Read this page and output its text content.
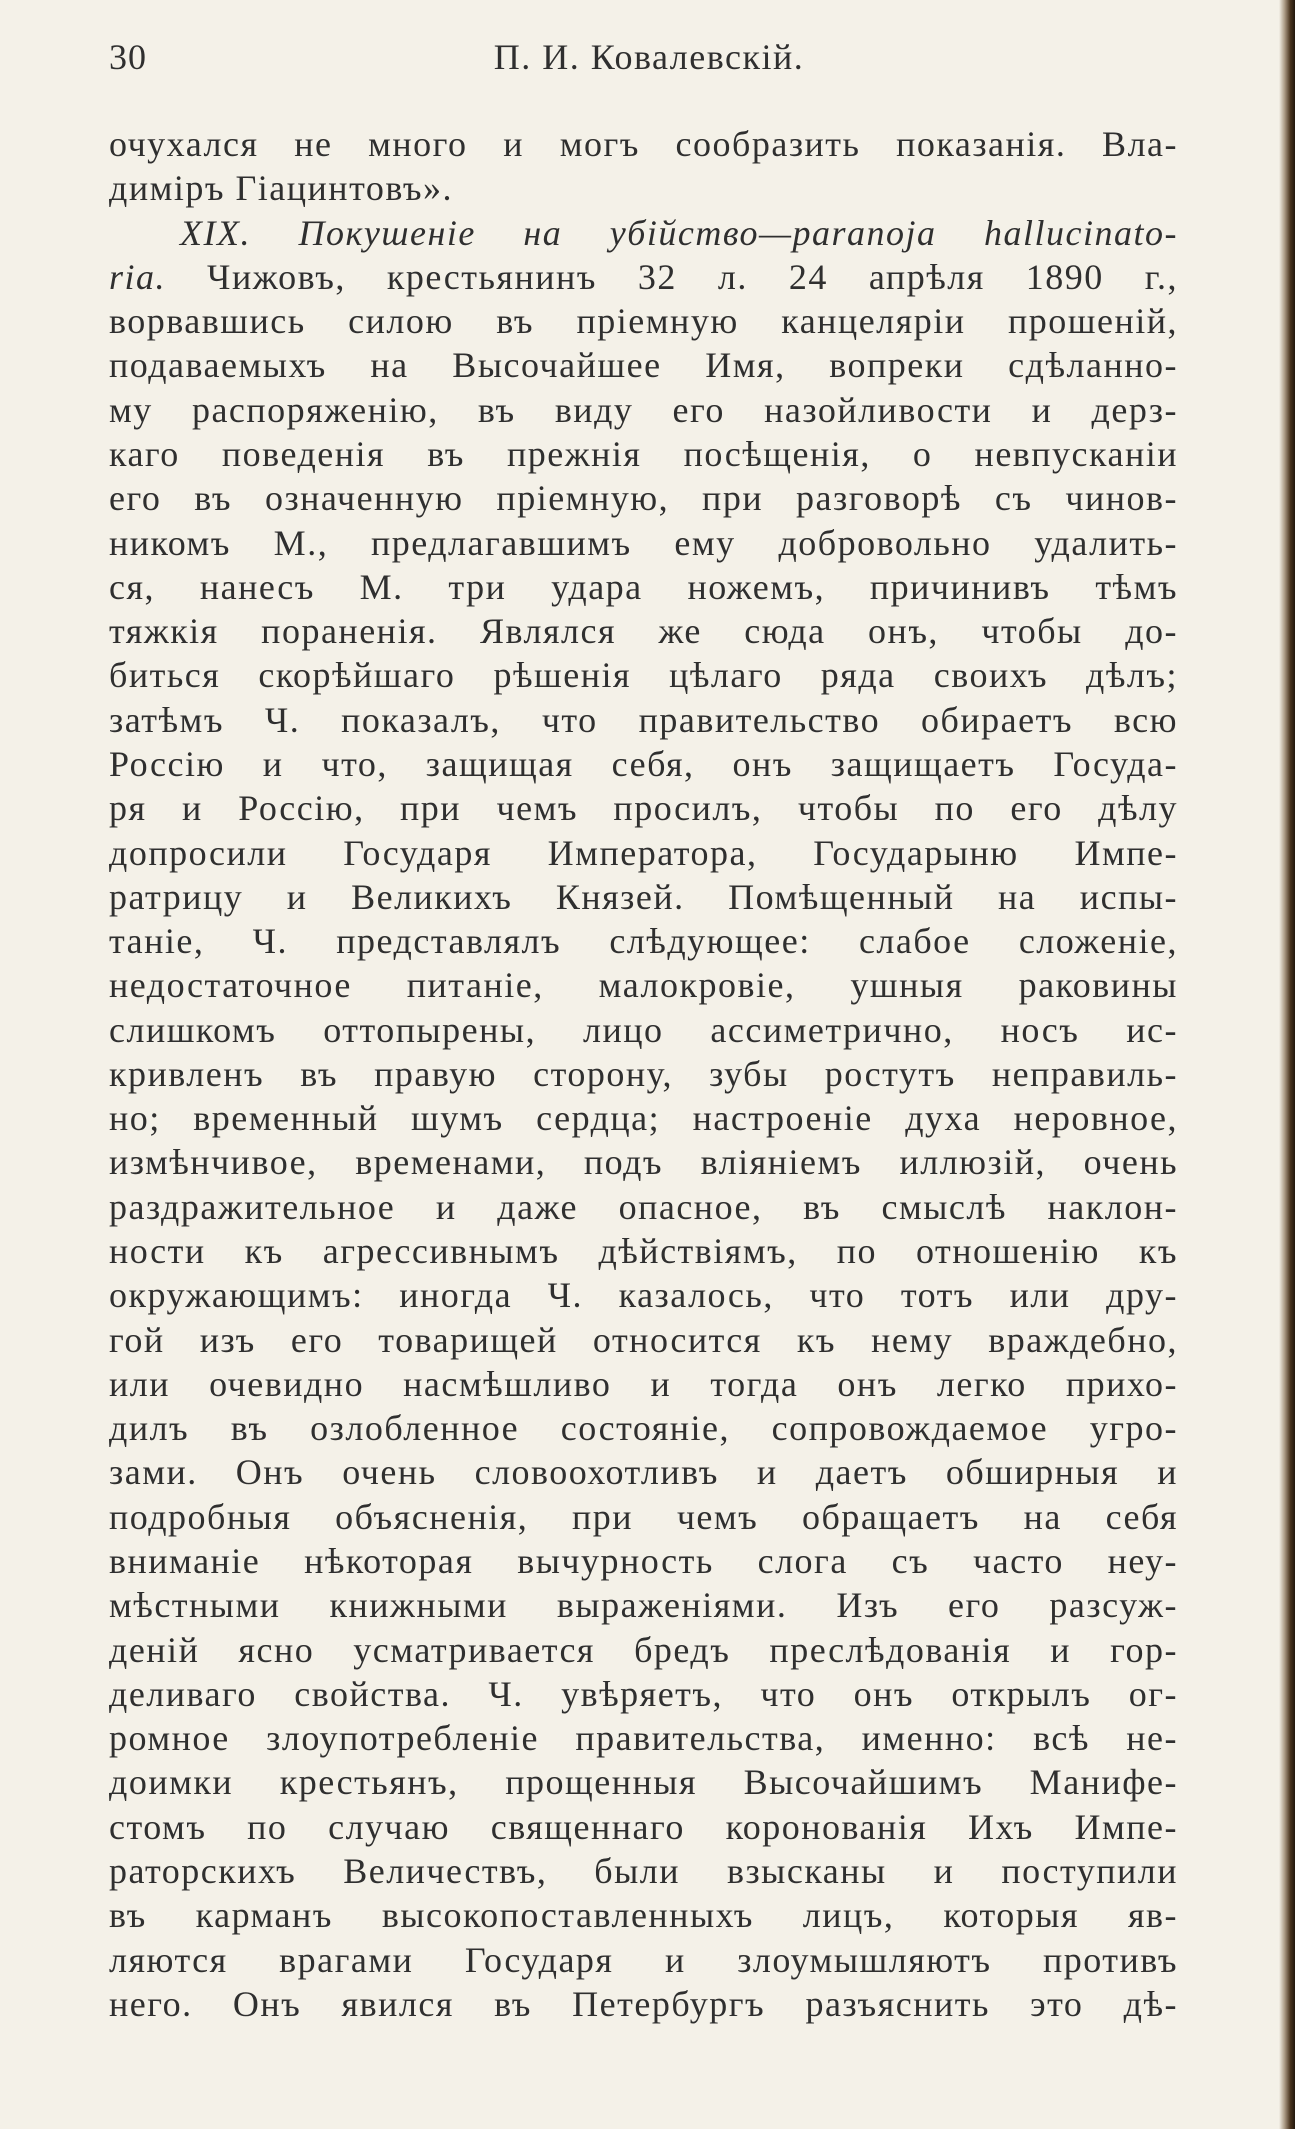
30	П. И. Ковалевскій.
очухался не много и могъ сообразить показанія. Вла-
диміръ Гіацинтовъ».
XIX. Покушеніе на убійство—paranoja hallucinato-
ria. Чижовъ, крестьянинъ 32 л. 24 апрѣля 1890 г.,
ворвавшись силою въ пріемную канцеляріи прошеній,
подаваемыхъ на Высочайшее Имя, вопреки сдѣланно-
му распоряженію, въ виду его назойливости и дерз-
каго поведенія въ прежнія посѣщенія, о невпусканіи
его въ означенную пріемную, при разговорѣ съ чинов-
никомъ М., предлагавшимъ ему добровольно удалить-
ся, нанесъ М. три удара ножемъ, причинивъ тѣмъ
тяжкія пораненія. Являлся же сюда онъ, чтобы до-
биться скорѣйшаго рѣшенія цѣлаго ряда своихъ дѣлъ;
затѣмъ Ч. показалъ, что правительство обираетъ всю
Россію и что, защищая себя, онъ защищаетъ Госуда-
ря и Россію, при чемъ просилъ, чтобы по его дѣлу
допросили Государя Императора, Государыню Импе-
ратрицу и Великихъ Князей. Помѣщенный на испы-
таніе, Ч. представлялъ слѣдующее: слабое сложеніе,
недостаточное питаніе, малокровіе, ушныя раковины
слишкомъ оттопырены, лицо ассиметрично, носъ ис-
кривленъ въ правую сторону, зубы ростутъ неправиль-
но; временный шумъ сердца; настроеніе духа неровное,
измѣнчивое, временами, подъ вліяніемъ иллюзій, очень
раздражительное и даже опасное, въ смыслѣ наклон-
ности къ агрессивнымъ дѣйствіямъ, по отношенію къ
окружающимъ: иногда Ч. казалось, что тотъ или дру-
гой изъ его товарищей относится къ нему враждебно,
или очевидно насмѣшливо и тогда онъ легко прихо-
дилъ въ озлобленное состояніе, сопровождаемое угро-
зами. Онъ очень словоохотливъ и даетъ обширныя и
подробныя объясненія, при чемъ обращаетъ на себя
вниманіе нѣкоторая вычурность слога съ часто неу-
мѣстными книжными выраженіями. Изъ его разсуж-
деній ясно усматривается бредъ преслѣдованія и гор-
деливаго свойства. Ч. увѣряетъ, что онъ открылъ ог-
ромное злоупотребленіе правительства, именно: всѣ не-
доимки крестьянъ, прощенныя Высочайшимъ Манифе-
стомъ по случаю священнаго коронованія Ихъ Импе-
раторскихъ Величествъ, были взысканы и поступили
въ карманъ высокопоставленныхъ лицъ, которыя яв-
ляются врагами Государя и злоумышляютъ противъ
него. Онъ явился въ Петербургъ разъяснить это дѣ-
